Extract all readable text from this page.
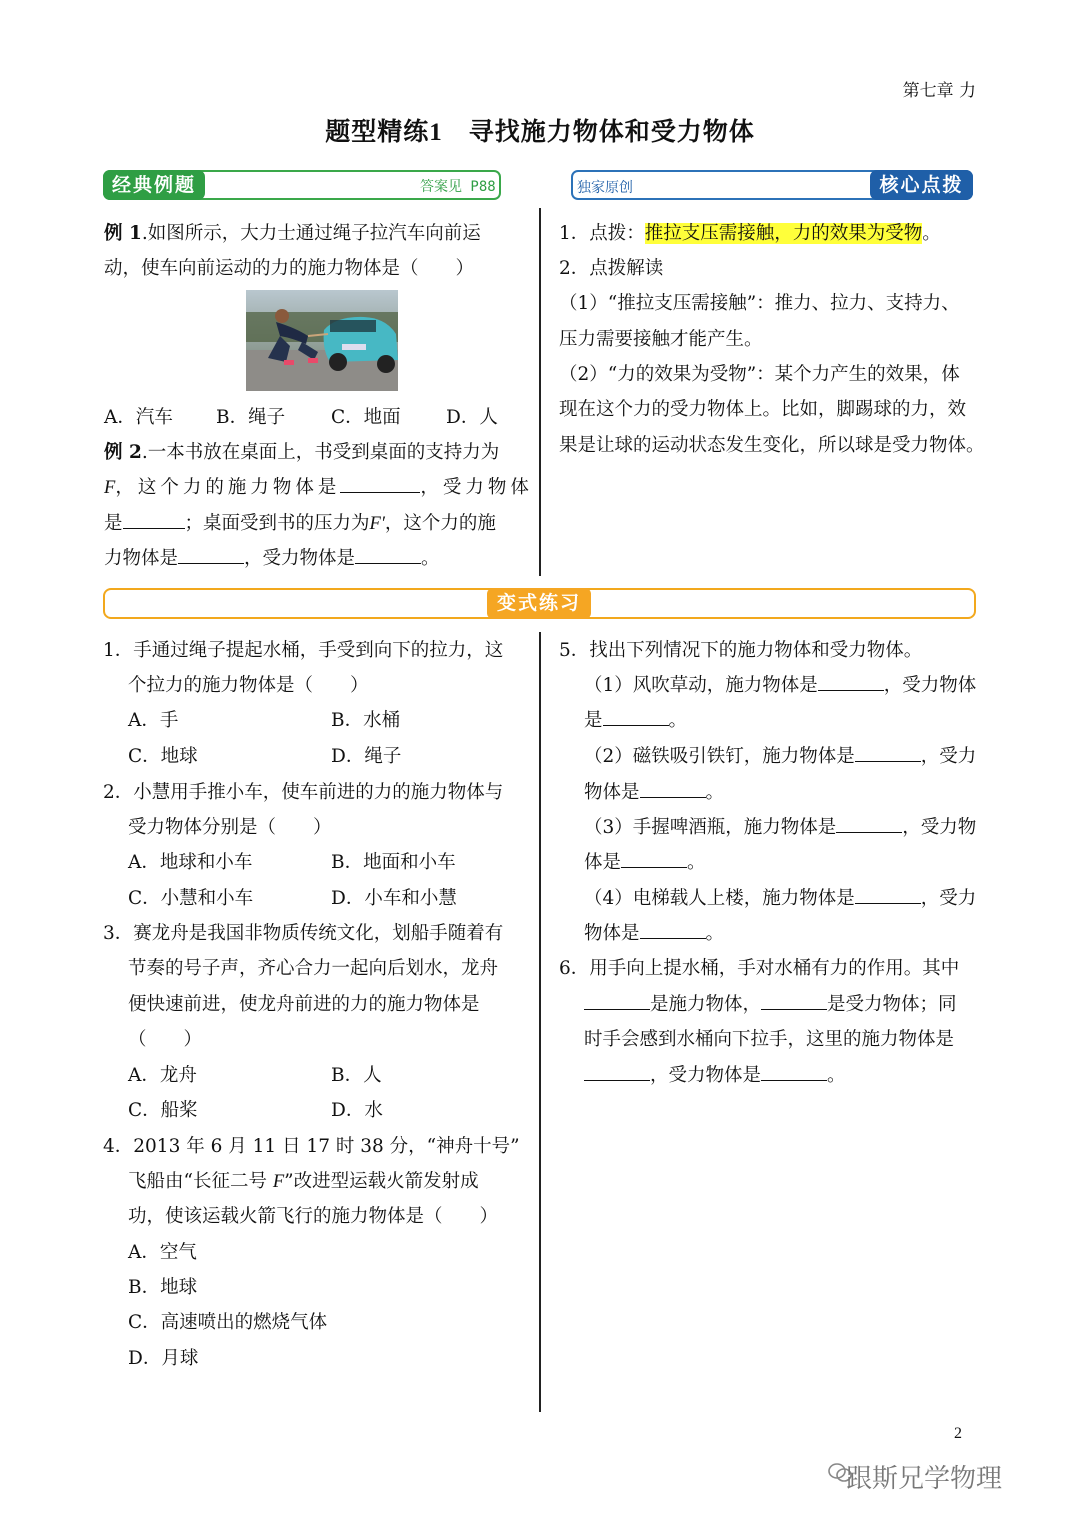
第七章 力
题型精练1 寻找施力物体和受力物体
经典例题	答案见 P88	独家原创	核心点拨
例 1.如图所示，大力士通过绳子拉汽车向前运
动，使车向前运动的力的施力物体是（　　）
A．汽车 B．绳子 C．地面 D．人
例 2.一本书放在桌面上，书受到桌面的支持力为
F，这个力的施力物体是	，受力物体
是	；桌面受到书的压力为F′，这个力的施
力物体是	，受力物体是	。
1．点拨：推拉支压需接触，力的效果为受物。
2．点拨解读
（1）“推拉支压需接触”：推力、拉力、支持力、
压力需要接触才能产生。
（2）“力的效果为受物”：某个力产生的效果，体
现在这个力的受力物体上。比如，脚踢球的力，效
果是让球的运动状态发生变化，所以球是受力物体。
变式练习
1．手通过绳子提起水桶，手受到向下的拉力，这
个拉力的施力物体是（　　）
A．手	B．水桶
C．地球	D．绳子
2．小慧用手推小车，使车前进的力的施力物体与
受力物体分别是（　　）
A．地球和小车	B．地面和小车
C．小慧和小车	D．小车和小慧
3．赛龙舟是我国非物质传统文化，划船手随着有
节奏的号子声，齐心合力一起向后划水，龙舟
便快速前进，使龙舟前进的力的施力物体是
（　　）
A．龙舟	B．人
C．船桨	D．水
4．2013 年 6 月 11 日 17 时 38 分，“神舟十号”
飞船由“长征二号 F”改进型运载火箭发射成
功，使该运载火箭飞行的施力物体是（　　）
A．空气
B．地球
C．高速喷出的燃烧气体
D．月球
5．找出下列情况下的施力物体和受力物体。
（1）风吹草动，施力物体是	，受力物体
是	。
（2）磁铁吸引铁钉，施力物体是	，受力
物体是	。
（3）手握啤酒瓶，施力物体是	，受力物
体是	。
（4）电梯载人上楼，施力物体是	，受力
物体是	。
6．用手向上提水桶，手对水桶有力的作用。其中
是施力物体，	是受力物体；同
时手会感到水桶向下拉手，这里的施力物体是
，受力物体是	。
2
跟斯兄学物理
